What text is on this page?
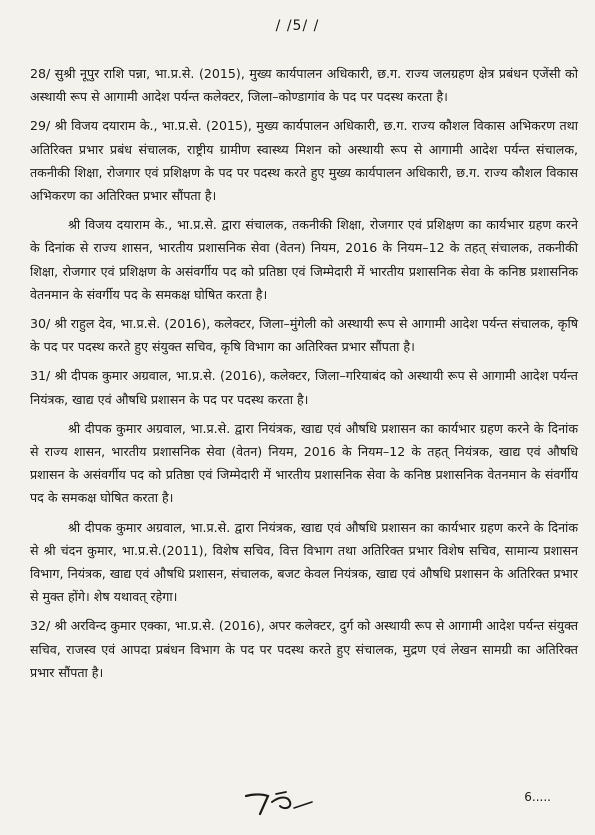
/ /5/ /

28/ सुश्री नूपुर राशि पन्ना, भा.प्र.से. (2015), मुख्य कार्यपालन अधिकारी, छ.ग. राज्य जलग्रहण क्षेत्र प्रबंधन एजेंसी को अस्थायी रूप से आगामी आदेश पर्यन्त कलेक्टर, जिला–कोण्डागांव के पद पर पदस्थ करता है।

29/ श्री विजय दयाराम के., भा.प्र.से. (2015), मुख्य कार्यपालन अधिकारी, छ.ग. राज्य कौशल विकास अभिकरण तथा अतिरिक्त प्रभार प्रबंध संचालक, राष्ट्रीय ग्रामीण स्वास्थ्य मिशन को अस्थायी रूप से आगामी आदेश पर्यन्त संचालक, तकनीकी शिक्षा, रोजगार एवं प्रशिक्षण के पद पर पदस्थ करते हुए मुख्य कार्यपालन अधिकारी, छ.ग. राज्य कौशल विकास अभिकरण का अतिरिक्त प्रभार सौंपता है।

श्री विजय दयाराम के., भा.प्र.से. द्वारा संचालक, तकनीकी शिक्षा, रोजगार एवं प्रशिक्षण का कार्यभार ग्रहण करने के दिनांक से राज्य शासन, भारतीय प्रशासनिक सेवा (वेतन) नियम, 2016 के नियम–12 के तहत् संचालक, तकनीकी शिक्षा, रोजगार एवं प्रशिक्षण के असंवर्गीय पद को प्रतिष्ठा एवं जिम्मेदारी में भारतीय प्रशासनिक सेवा के कनिष्ठ प्रशासनिक वेतनमान के संवर्गीय पद के समकक्ष घोषित करता है।

30/ श्री राहुल देव, भा.प्र.से. (2016), कलेक्टर, जिला–मुंगेली को अस्थायी रूप से आगामी आदेश पर्यन्त संचालक, कृषि के पद पर पदस्थ करते हुए संयुक्त सचिव, कृषि विभाग का अतिरिक्त प्रभार सौंपता है।

31/ श्री दीपक कुमार अग्रवाल, भा.प्र.से. (2016), कलेक्टर, जिला–गरियाबंद को अस्थायी रूप से आगामी आदेश पर्यन्त नियंत्रक, खाद्य एवं औषधि प्रशासन के पद पर पदस्थ करता है।

श्री दीपक कुमार अग्रवाल, भा.प्र.से. द्वारा नियंत्रक, खाद्य एवं औषधि प्रशासन का कार्यभार ग्रहण करने के दिनांक से राज्य शासन, भारतीय प्रशासनिक सेवा (वेतन) नियम, 2016 के नियम–12 के तहत् नियंत्रक, खाद्य एवं औषधि प्रशासन के असंवर्गीय पद को प्रतिष्ठा एवं जिम्मेदारी में भारतीय प्रशासनिक सेवा के कनिष्ठ प्रशासनिक वेतनमान के संवर्गीय पद के समकक्ष घोषित करता है।

श्री दीपक कुमार अग्रवाल, भा.प्र.से. द्वारा नियंत्रक, खाद्य एवं औषधि प्रशासन का कार्यभार ग्रहण करने के दिनांक से श्री चंदन कुमार, भा.प्र.से.(2011), विशेष सचिव, वित्त विभाग तथा अतिरिक्त प्रभार विशेष सचिव, सामान्य प्रशासन विभाग, नियंत्रक, खाद्य एवं औषधि प्रशासन, संचालक, बजट केवल नियंत्रक, खाद्य एवं औषधि प्रशासन के अतिरिक्त प्रभार से मुक्त होंगे। शेष यथावत् रहेगा।

32/ श्री अरविन्द कुमार एक्का, भा.प्र.से. (2016), अपर कलेक्टर, दुर्ग को अस्थायी रूप से आगामी आदेश पर्यन्त संयुक्त सचिव, राजस्व एवं आपदा प्रबंधन विभाग के पद पर पदस्थ करते हुए संचालक, मुद्रण एवं लेखन सामग्री का अतिरिक्त प्रभार सौंपता है।

6.....
